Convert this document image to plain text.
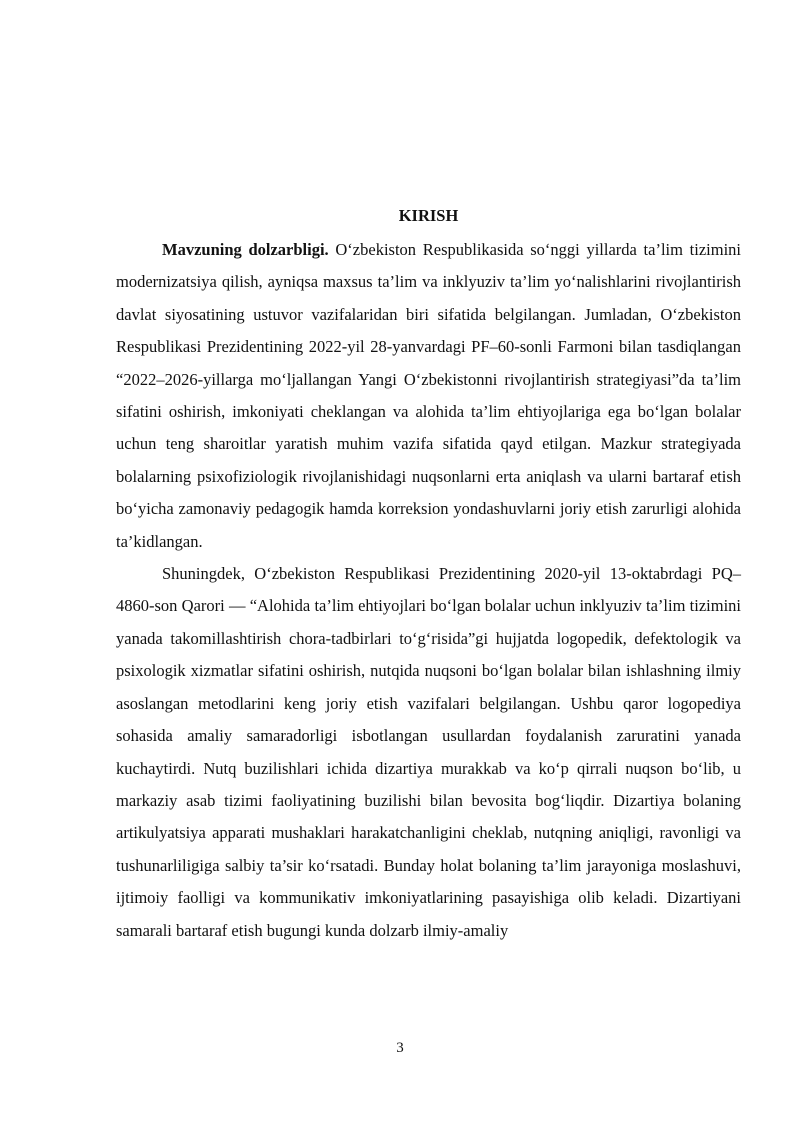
KIRISH

Mavzuning dolzarbligi. O‘zbekiston Respublikasida so‘nggi yillarda ta’lim tizimini modernizatsiya qilish, ayniqsa maxsus ta’lim va inklyuziv ta’lim yo‘nalishlarini rivojlantirish davlat siyosatining ustuvor vazifalaridan biri sifatida belgilangan. Jumladan, O‘zbekiston Respublikasi Prezidentining 2022-yil 28-yanvardagi PF–60-sonli Farmoni bilan tasdiqlangan “2022–2026-yillarga mo‘ljallangan Yangi O‘zbekistonni rivojlantirish strategiyasi”da ta’lim sifatini oshirish, imkoniyati cheklangan va alohida ta’lim ehtiyojlariga ega bo‘lgan bolalar uchun teng sharoitlar yaratish muhim vazifa sifatida qayd etilgan. Mazkur strategiyada bolalarning psixofiziologik rivojlanishidagi nuqsonlarni erta aniqlash va ularni bartaraf etish bo‘yicha zamonaviy pedagogik hamda korreksion yondashuvlarni joriy etish zarurligi alohida ta’kidlangan.

Shuningdek, O‘zbekiston Respublikasi Prezidentining 2020-yil 13-oktabrdagi PQ–4860-son Qarori — “Alohida ta’lim ehtiyojlari bo‘lgan bolalar uchun inklyuziv ta’lim tizimini yanada takomillashtirish chora-tadbirlari to‘g‘risida”gi hujjatda logopedik, defektologik va psixologik xizmatlar sifatini oshirish, nutqida nuqsoni bo‘lgan bolalar bilan ishlashning ilmiy asoslangan metodlarini keng joriy etish vazifalari belgilangan. Ushbu qaror logopediya sohasida amaliy samaradorligi isbotlangan usullardan foydalanish zaruratini yanada kuchaytirdi. Nutq buzilishlari ichida dizartiya murakkab va ko‘p qirrali nuqson bo‘lib, u markaziy asab tizimi faoliyatining buzilishi bilan bevosita bog‘liqdir. Dizartiya bolaning artikulyatsiya apparati mushaklari harakatchanligini cheklab, nutqning aniqligi, ravonligi va tushunarliligiga salbiy ta’sir ko‘rsatadi. Bunday holat bolaning ta’lim jarayoniga moslashuvi, ijtimoiy faolligi va kommunikativ imkoniyatlarining pasayishiga olib keladi. Dizartiyani samarali bartaraf etish bugungi kunda dolzarb ilmiy-amaliy

3
